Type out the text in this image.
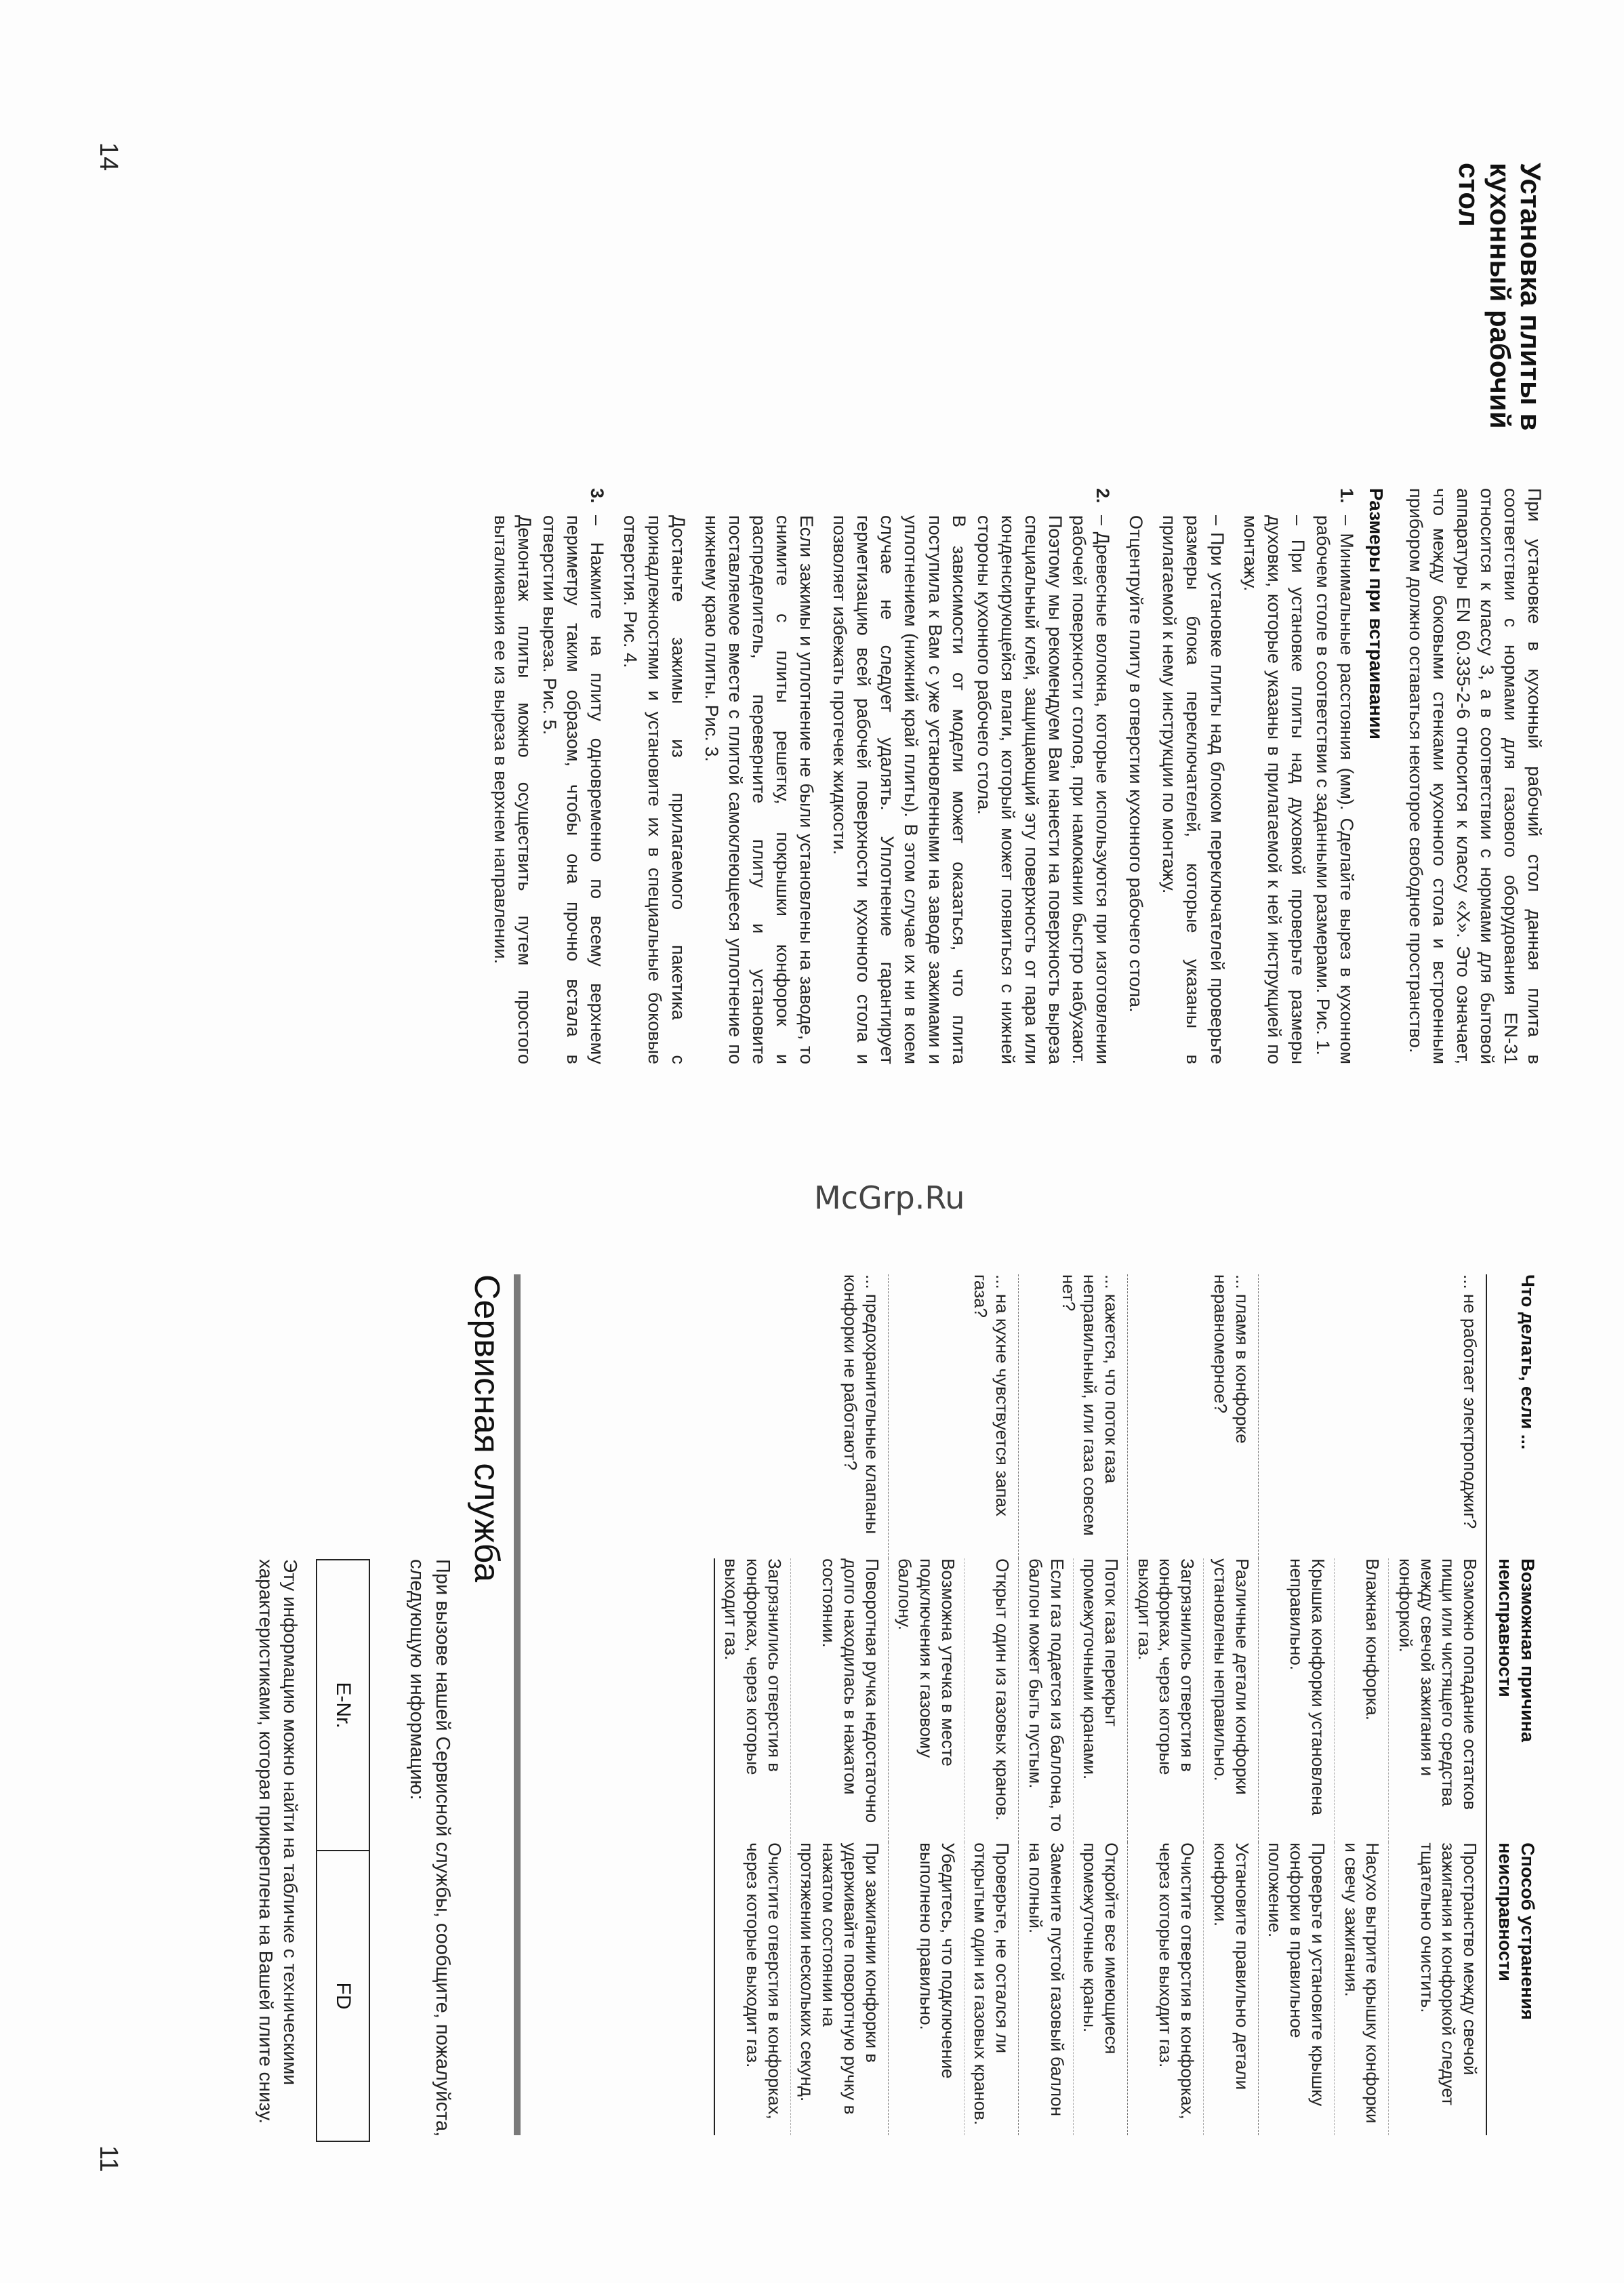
Установка плиты в кухонный рабочий стол

При установке в кухонный рабочий стол данная плита в соответствии с нормами для газового оборудования EN-31 относится к классу 3, а в соответствии с нормами для бытовой аппаратуры EN 60.335-2-6 относится к классу «X». Это означает, что между боковыми стенками кухонного стола и встроенным прибором должно оставаться некоторое свободное пространство.

Размеры при встраивании
1.
– Минимальные расстояния (мм). Сделайте вырез в кухонном рабочем столе в соответствии с заданными размерами. Рис. 1.

– При установке плиты над духовкой проверьте размеры духовки, которые указаны в прилагаемой к ней инструкцией по монтажу.

– При установке плиты над блоком переключателей проверьте размеры блока переключателей, которые указаны в прилагаемой к нему инструкции по монтажу.

Отцентруйте плиту в отверстии кухонного рабочего стола.

2.
– Древесные волокна, которые используются при изготовлении рабочей поверхности столов, при намокании быстро набухают. Поэтому мы рекомендуем Вам нанести на поверхность выреза специальный клей, защищающий эту поверхность от пара или конденсирующейся влаги, который может появиться с нижней стороны кухонного рабочего стола.

В зависимости от модели может оказаться, что плита поступила к Вам с уже установленными на заводе зажимами и уплотнением (нижний край плиты). В этом случае их ни в коем случае не следует удалять. Уплотнение гарантирует герметизацию всей рабочей поверхности кухонного стола и позволяет избежать протечек жидкости.

Если зажимы и уплотнение не были установлены на заводе, то снимите с плиты решетку, покрышки конфорок и распределитель, переверните плиту и установите поставляемое вместе с плитой самоклеющееся уплотнение по нижнему краю плиты. Рис. 3.

Достаньте зажимы из прилагаемого пакетика с принадлежностями и установите их в специальные боковые отверстия. Рис. 4.

3.
– Нажмите на плиту одновременно по всему верхнему периметру таким образом, чтобы она прочно встала в отверстии выреза. Рис. 5.

Демонтаж плиты можно осуществить путем простого выталкивания ее из выреза в верхнем направлении.

14
McGrp.Ru
Что делать, если ...	Возможная причина неисправности	Способ устранения неисправности
... не работает электроподжиг?	Возможно попадание остатков пищи или чистящего средства между свечой зажигания и конфоркой.	Пространство между свечой зажигания и конфоркой следует тщательно очистить.
	Влажная конфорка.	Насухо вытрите крышку конфорки и свечу зажигания.
	Крышка конфорки установлена неправильно.	Проверьте и установите крышку конфорки в правильное положение.
... пламя в конфорке неравномерное?	Различные детали конфорки установлены неправильно.	Установите правильно детали конфорки.
	Загрязнились отверстия в конфорках, через которые выходит газ.	Очистите отверстия в конфорках, через которые выходит газ.
... кажется, что поток газа неправильный, или газа совсем нет?	Поток газа перекрыт промежуточными кранами.	Откройте все имеющиеся промежуточные краны.
	Если газ подается из баллона, то баллон может быть пустым.	Замените пустой газовый баллон на полный.
... на кухне чувствуется запах газа?	Открыт один из газовых кранов.	Проверьте, не остался ли открытым один из газовых кранов.
	Возможна утечка в месте подключения к газовому баллону.	Убедитесь, что подключение выполнено правильно.
... предохранительные клапаны конфорки не работают?	Поворотная ручка недостаточно долго находилась в нажатом состоянии.	При зажигании конфорки в удерживайте поворотную ручку в нажатом состоянии на протяжении нескольких секунд.
	Загрязнились отверстия в конфорках, через которые выходит газ.	Очистите отверстия в конфорках, через которые выходит газ.
Сервисная служба
При вызове нашей Сервисной службы, сообщите, пожалуйста, следующую информацию:
E-Nr.
FD
Эту информацию можно найти на табличке с техническими характеристиками, которая прикреплена на Вашей плите снизу.
11
